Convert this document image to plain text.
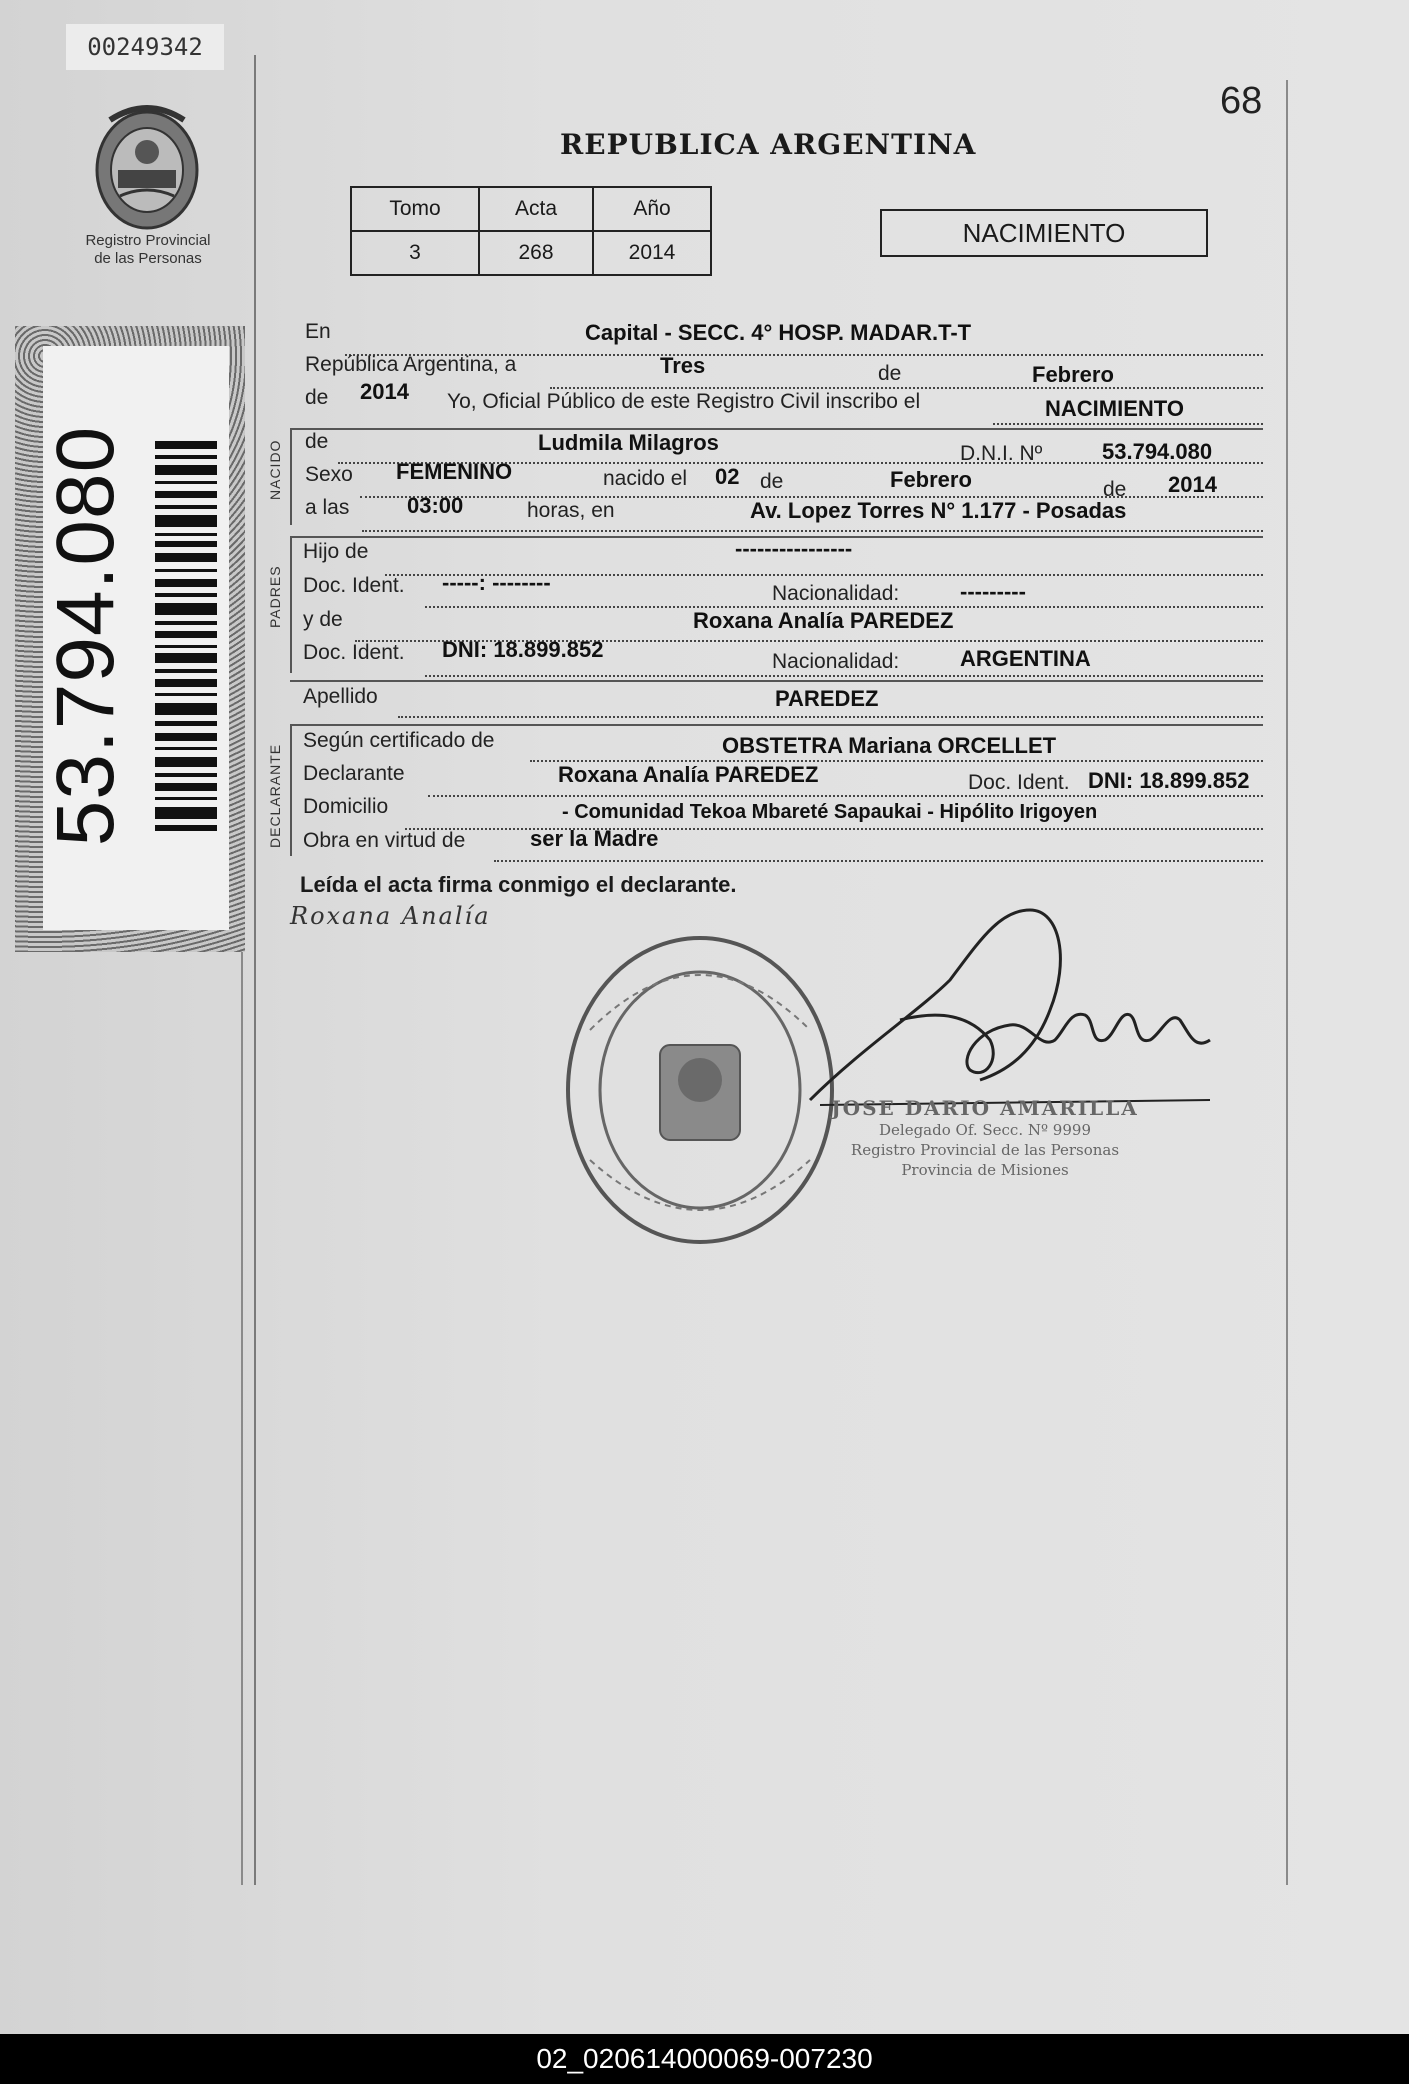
00249342
68
Registro Provincial
de las Personas
53.794.080
REPUBLICA ARGENTINA
Tomo	Acta	Año
3	268	2014
NACIMIENTO
En	Capital - SECC. 4° HOSP. MADAR.T-T
República Argentina, a	Tres	de	Febrero
de 2014 Yo, Oficial Público de este Registro Civil inscribo el	NACIMIENTO
NACIDO de	Ludmila Milagros	D.N.I. Nº	53.794.080
Sexo FEMENINO	nacido el 02 de	Febrero	de 2014
a las	03:00	horas, en	Av. Lopez Torres N° 1.177 - Posadas
PADRES
Hijo de	----------------
Doc. Ident. -----: --------	Nacionalidad:	---------
y de	Roxana Analía PAREDEZ
Doc. Ident. DNI: 18.899.852	Nacionalidad:	ARGENTINA
Apellido	PAREDEZ
DECLARANTE
Según certificado de	OBSTETRA Mariana ORCELLET
Declarante	Roxana Analía PAREDEZ	Doc. Ident. DNI: 18.899.852
Domicilio	- Comunidad Tekoa Mbareté Sapaukai - Hipólito Irigoyen
Obra en virtud de	ser la Madre
Leída el acta firma conmigo el declarante.
Roxana Analía
JOSE DARIO AMARILLA
Delegado Of. Secc. Nº 9999
Registro Provincial de las Personas
Provincia de Misiones
02_020614000069-007230
